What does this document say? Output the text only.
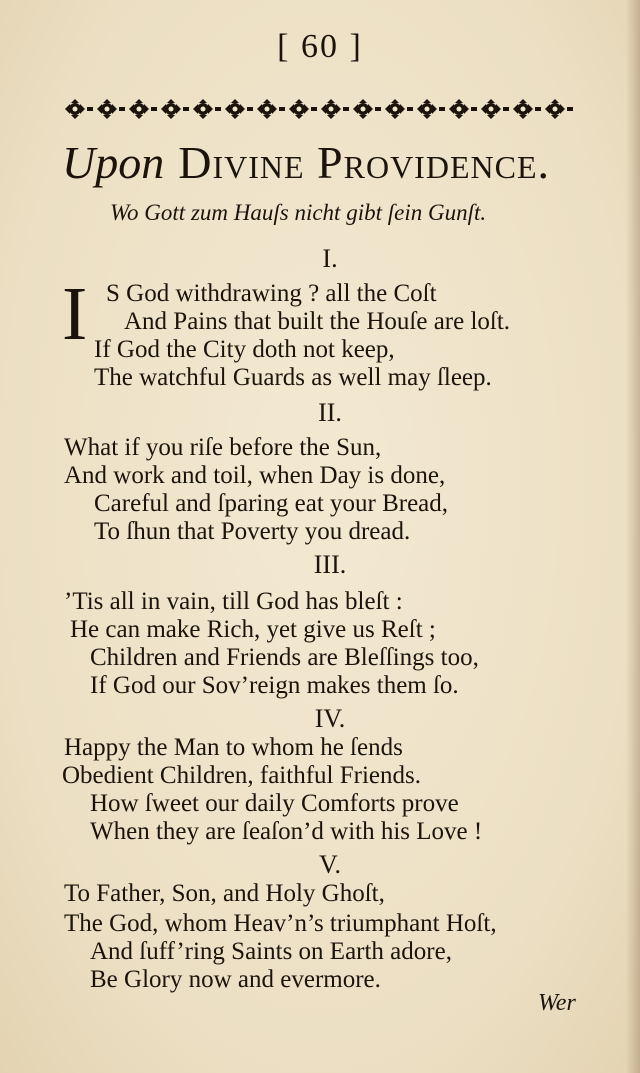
[ 60 ]
Upon Divine Providence.
Wo Gott zum Hauſs nicht gibt ſein Gunſt.
I.
I S God withdrawing ? all the Coſt
And Pains that built the Houſe are loſt.
If God the City doth not keep,
The watchful Guards as well may ſleep.
II.
What if you riſe before the Sun,
And work and toil, when Day is done,
Careful and ſparing eat your Bread,
To ſhun that Poverty you dread.
III.
’Tis all in vain, till God has bleſt :
He can make Rich, yet give us Reſt ;
Children and Friends are Bleſſings too,
If God our Sov’reign makes them ſo.
IV.
Happy the Man to whom he ſends
Obedient Children, faithful Friends.
How ſweet our daily Comforts prove
When they are ſeaſon’d with his Love !
V.
To Father, Son, and Holy Ghoſt,
The God, whom Heav’n’s triumphant Hoſt,
And ſuff’ring Saints on Earth adore,
Be Glory now and evermore.
Wer
